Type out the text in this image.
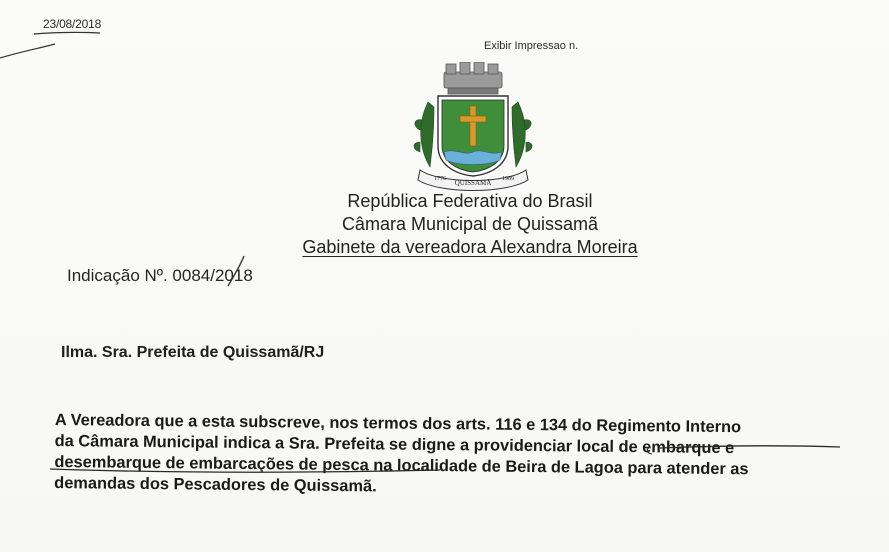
23/08/2018
Exibir Impressao n.
QUISSAMÃ
1776	1989
República Federativa do Brasil
Câmara Municipal de Quissamã
Gabinete da vereadora Alexandra Moreira
Indicação Nº. 0084/2018
Ilma. Sra. Prefeita de Quissamã/RJ
A Vereadora que a esta subscreve, nos termos dos arts. 116 e 134 do Regimento Interno
da Câmara Municipal indica a Sra. Prefeita se digne a providenciar local de embarque e
desembarque de embarcações de pesca na localidade de Beira de Lagoa para atender as
demandas dos Pescadores de Quissamã.
